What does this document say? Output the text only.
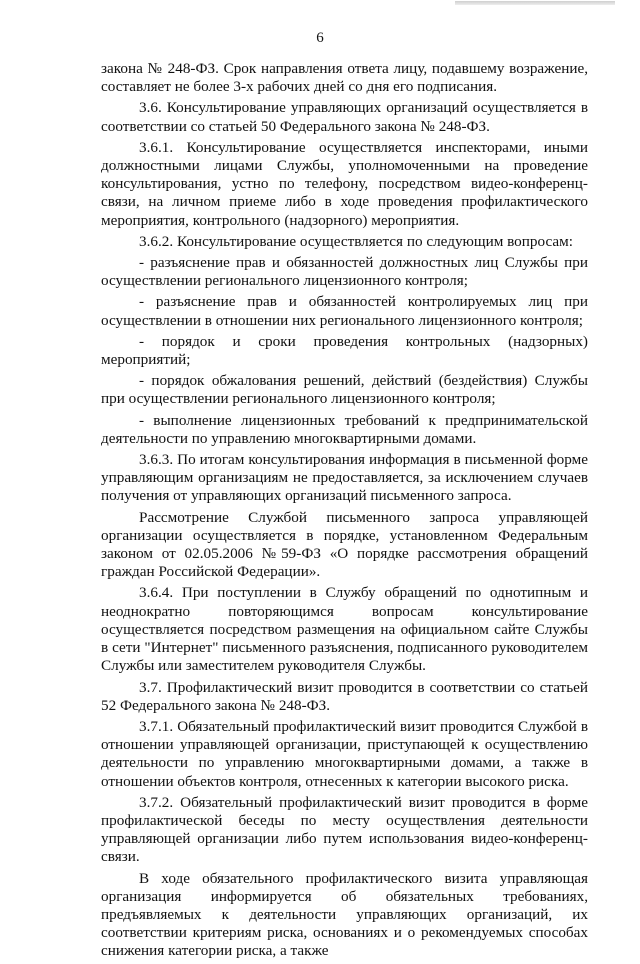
6

закона № 248-ФЗ. Срок направления ответа лицу, подавшему возражение, составляет не более 3-х рабочих дней со дня его подписания.

3.6. Консультирование управляющих организаций осуществляется в соответствии со статьей 50 Федерального закона № 248-ФЗ.

3.6.1. Консультирование осуществляется инспекторами, иными должностными лицами Службы, уполномоченными на проведение консультирования, устно по телефону, посредством видео-конференц-связи, на личном приеме либо в ходе проведения профилактического мероприятия, контрольного (надзорного) мероприятия.

3.6.2. Консультирование осуществляется по следующим вопросам:

- разъяснение прав и обязанностей должностных лиц Службы при осуществлении регионального лицензионного контроля;

- разъяснение прав и обязанностей контролируемых лиц при осуществлении в отношении них регионального лицензионного контроля;

- порядок и сроки проведения контрольных (надзорных) мероприятий;

- порядок обжалования решений, действий (бездействия) Службы при осуществлении регионального лицензионного контроля;

- выполнение лицензионных требований к предпринимательской деятельности по управлению многоквартирными домами.

3.6.3. По итогам консультирования информация в письменной форме управляющим организациям не предоставляется, за исключением случаев получения от управляющих организаций письменного запроса.

Рассмотрение Службой письменного запроса управляющей организации осуществляется в порядке, установленном Федеральным законом от 02.05.2006 №59-ФЗ «О порядке рассмотрения обращений граждан Российской Федерации».

3.6.4. При поступлении в Службу обращений по однотипным и неоднократно повторяющимся вопросам консультирование осуществляется посредством размещения на официальном сайте Службы в сети "Интернет" письменного разъяснения, подписанного руководителем Службы или заместителем руководителя Службы.

3.7. Профилактический визит проводится в соответствии со статьей 52 Федерального закона № 248-ФЗ.

3.7.1. Обязательный профилактический визит проводится Службой в отношении управляющей организации, приступающей к осуществлению деятельности по управлению многоквартирными домами, а также в отношении объектов контроля, отнесенных к категории высокого риска.

3.7.2. Обязательный профилактический визит проводится в форме профилактической беседы по месту осуществления деятельности управляющей организации либо путем использования видео-конференц-связи.

В ходе обязательного профилактического визита управляющая организация информируется об обязательных требованиях, предъявляемых к деятельности управляющих организаций, их соответствии критериям риска, основаниях и о рекомендуемых способах снижения категории риска, а также
